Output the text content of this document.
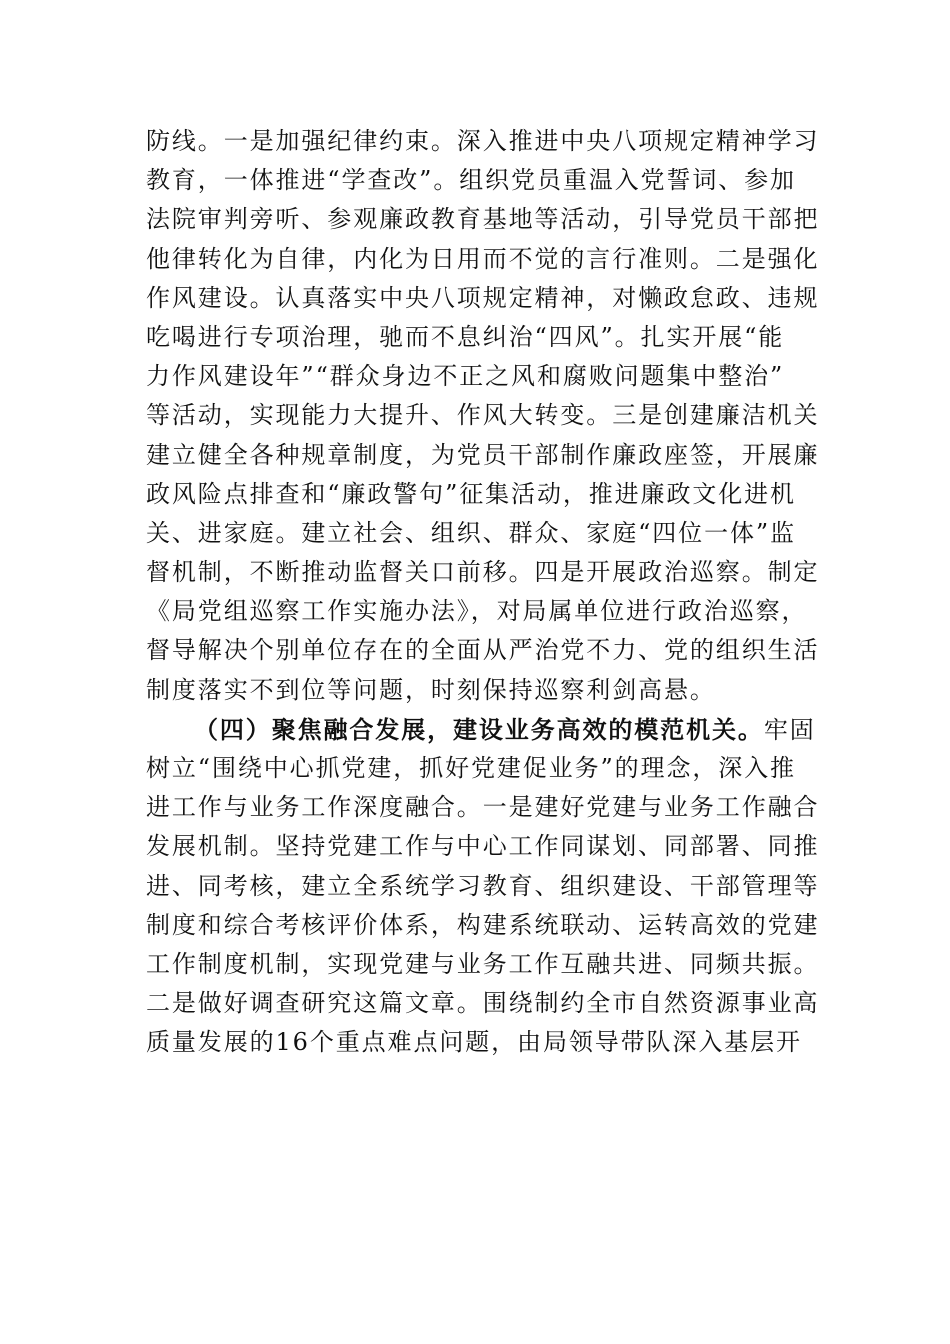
防线。一是加强纪律约束。深入推进中央八项规定精神学习
教育，一体推进“学查改”。组织党员重温入党誓词、参加
法院审判旁听、参观廉政教育基地等活动，引导党员干部把
他律转化为自律，内化为日用而不觉的言行准则。二是强化
作风建设。认真落实中央八项规定精神，对懒政怠政、违规
吃喝进行专项治理，驰而不息纠治“四风”。扎实开展“能
力作风建设年”“群众身边不正之风和腐败问题集中整治”
等活动，实现能力大提升、作风大转变。三是创建廉洁机关
建立健全各种规章制度，为党员干部制作廉政座签，开展廉
政风险点排查和“廉政警句”征集活动，推进廉政文化进机
关、进家庭。建立社会、组织、群众、家庭“四位一体”监
督机制，不断推动监督关口前移。四是开展政治巡察。制定
《局党组巡察工作实施办法》，对局属单位进行政治巡察，
督导解决个别单位存在的全面从严治党不力、党的组织生活
制度落实不到位等问题，时刻保持巡察利剑高悬。
（四）聚焦融合发展，建设业务高效的模范机关。牢固
树立“围绕中心抓党建，抓好党建促业务”的理念，深入推
进工作与业务工作深度融合。一是建好党建与业务工作融合
发展机制。坚持党建工作与中心工作同谋划、同部署、同推
进、同考核，建立全系统学习教育、组织建设、干部管理等
制度和综合考核评价体系，构建系统联动、运转高效的党建
工作制度机制，实现党建与业务工作互融共进、同频共振。
二是做好调查研究这篇文章。围绕制约全市自然资源事业高
质量发展的16个重点难点问题，由局领导带队深入基层开
